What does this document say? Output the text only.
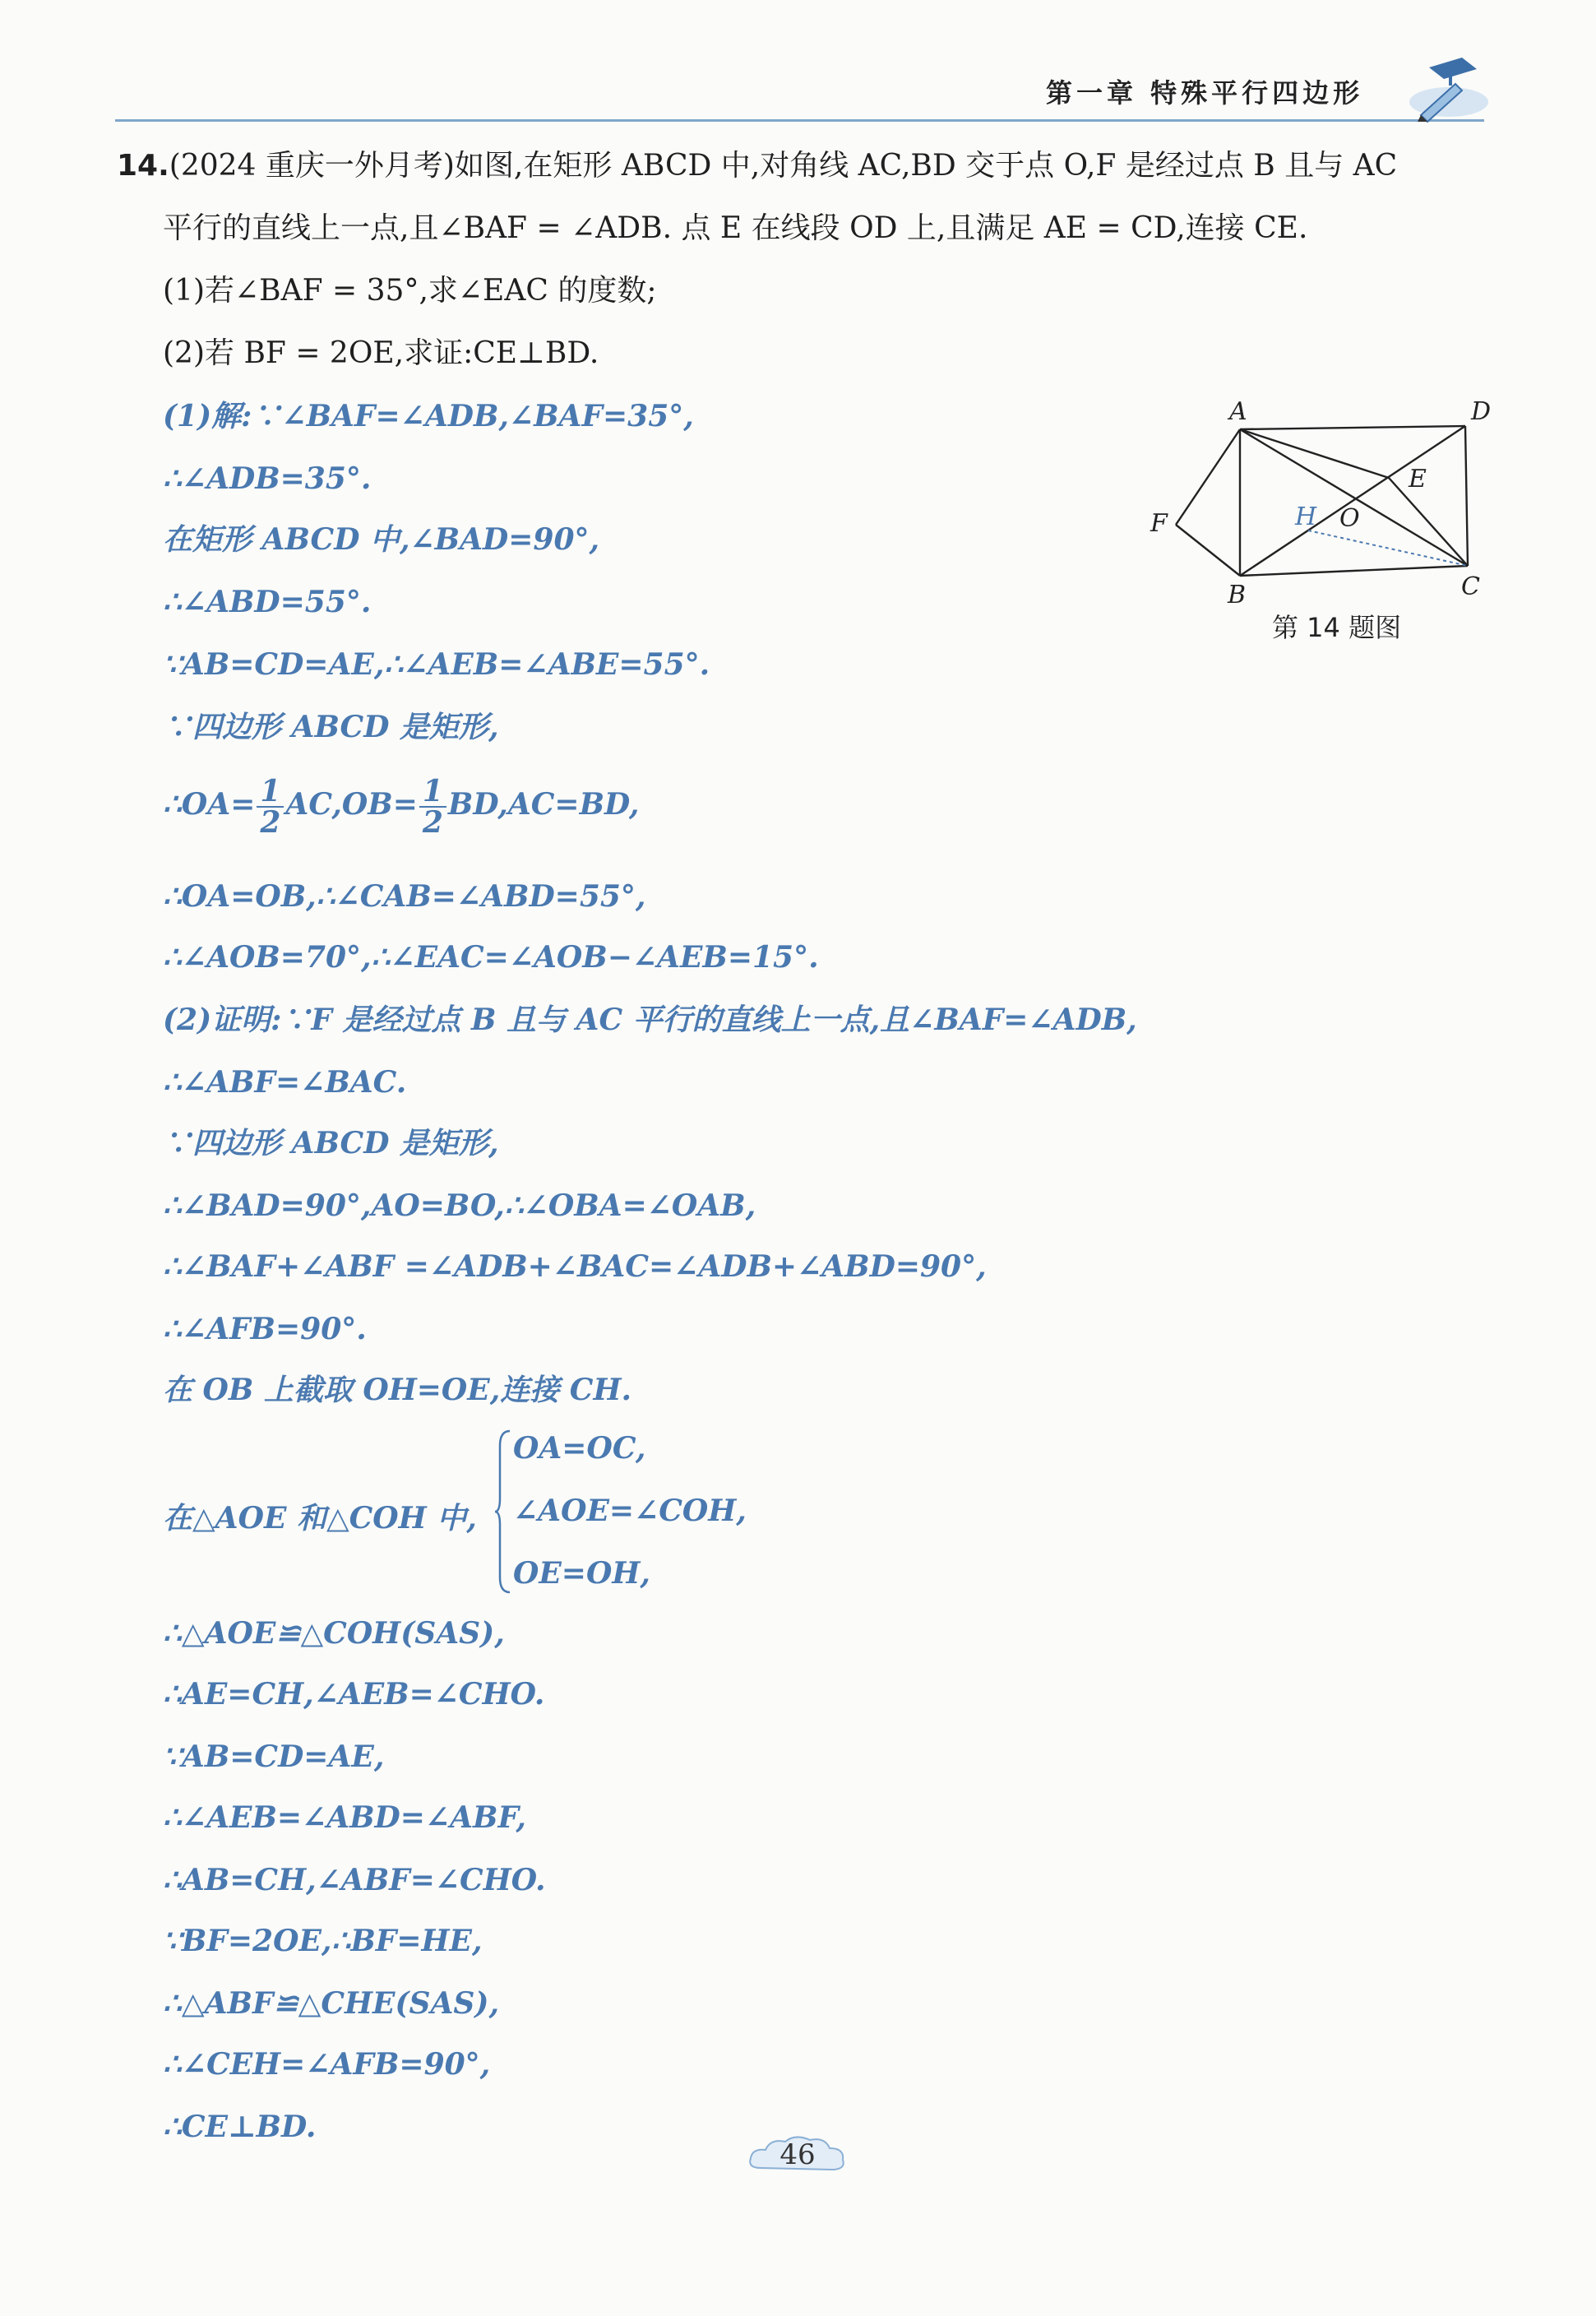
第一章 特殊平行四边形
14.(2024 重庆一外月考)如图,在矩形 ABCD 中,对角线 AC,BD 交于点 O,F 是经过点 B 且与 AC
平行的直线上一点,且∠BAF = ∠ADB. 点 E 在线段 OD 上,且满足 AE = CD,连接 CE.
(1)若∠BAF = 35°,求∠EAC 的度数;
(2)若 BF = 2OE,求证:CE⊥BD.
(1)解:∵∠BAF=∠ADB,∠BAF=35°,
∴∠ADB=35°.
在矩形 ABCD 中,∠BAD=90°,
∴∠ABD=55°.
∵AB=CD=AE,∴∠AEB=∠ABE=55°.
∵四边形 ABCD 是矩形,
∴OA= $\frac{1}{2} AC,OB= \frac{1}{2} BD,AC=BD$,
∴OA=OB,∴∠CAB=∠ABD=55°,
∴∠AOB=70°,∴∠EAC=∠AOB−∠AEB=15°.
(2)证明:∵F 是经过点 B 且与 AC 平行的直线上一点,且∠BAF=∠ADB,
∴∠ABF=∠BAC.
∵四边形 ABCD 是矩形,
∴∠BAD=90°,AO=BO,∴∠OBA=∠OAB,
∴∠BAF+∠ABF =∠ADB+∠BAC=∠ADB+∠ABD=90°,
∴∠AFB=90°.
在 OB 上截取 OH=OE,连接 CH.
在△AOE 和△COH 中,
OA=OC,
∠AOE=∠COH,
OE=OH,
∴△AOE≌△COH(SAS),
∴AE=CH,∠AEB=∠CHO.
∵AB=CD=AE,
∴∠AEB=∠ABD=∠ABF,
∴AB=CH,∠ABF=∠CHO.
∵BF=2OE,∴BF=HE,
∴△ABF≌△CHE(SAS),
∴∠CEH=∠AFB=90°,
∴CE⊥BD.
A	D
E
F	O
B	C
H
第 14 题图
46
